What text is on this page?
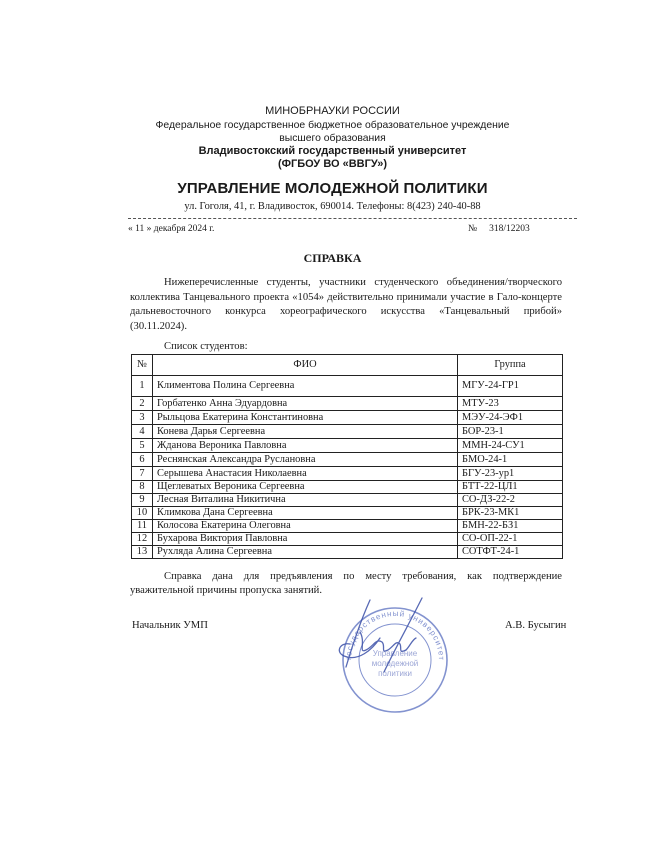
МИНОБРНАУКИ РОССИИ
Федеральное государственное бюджетное образовательное учреждение
высшего образования
Владивостокский государственный университет
(ФГБОУ ВО «ВВГУ»)
УПРАВЛЕНИЕ МОЛОДЕЖНОЙ ПОЛИТИКИ
ул. Гоголя, 41, г. Владивосток, 690014. Телефоны: 8(423) 240-40-88
« 11 » декабря 2024 г.	№ 318/12203
СПРАВКА
Нижеперечисленные студенты, участники студенческого объединения/творческого коллектива Танцевального проекта «1054» действительно принимали участие в Гало-концерте дальневосточного конкурса хореографического искусства «Танцевальный прибой» (30.11.2024).
Список студентов:
№	ФИО	Группа
1	Климентова Полина Сергеевна	МГУ-24-ГР1
2	Горбатенко Анна Эдуардовна	МТУ-23
3	Рыльцова Екатерина Константиновна	МЭУ-24-ЭФ1
4	Конева Дарья Сергеевна	БОР-23-1
5	Жданова Вероника Павловна	ММН-24-СУ1
6	Реснянская Александра Руслановна	БМО-24-1
7	Серышева Анастасия Николаевна	БГУ-23-ур1
8	Щеглеватых Вероника Сергеевна	БТТ-22-ЦЛ1
9	Лесная Виталина Никитична	СО-ДЗ-22-2
10	Климкова Дана Сергеевна	БРК-23-МК1
11	Колосова Екатерина Олеговна	БМН-22-БЗ1
12	Бухарова Виктория Павловна	СО-ОП-22-1
13	Рухляда Алина Сергеевна	СОТФТ-24-1
Справка дана для предъявления по месту требования, как подтверждение уважительной причины пропуска занятий.
Начальник УМП	А.В. Бусыгин
государственный университет
Управление
молодежной
политики
